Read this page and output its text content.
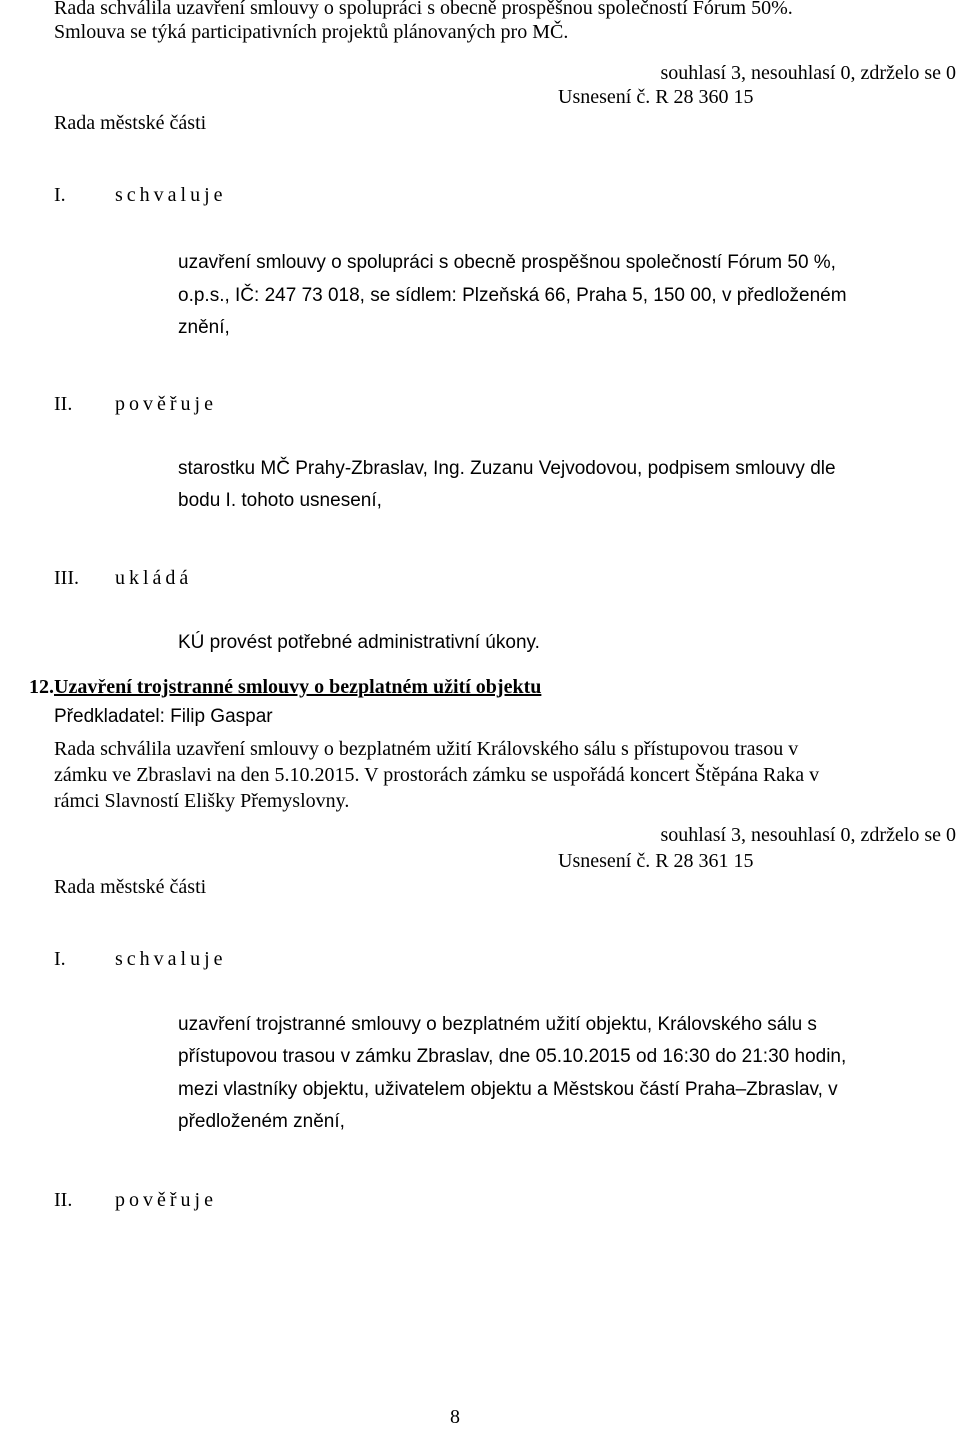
Rada schválila uzavření smlouvy o spolupráci s obecně prospěšnou společností Fórum 50%.
Smlouva se týká participativních projektů plánovaných pro MČ.
souhlasí 3, nesouhlasí 0, zdrželo se 0
Usnesení č. R 28 360 15
Rada městské části
I. schvaluje
uzavření smlouvy o spolupráci s obecně prospěšnou společností Fórum 50 %,
o.p.s., IČ: 247 73 018, se sídlem: Plzeňská 66, Praha 5, 150 00, v předloženém
znění,
II. pověřuje
starostku MČ Prahy-Zbraslav, Ing. Zuzanu Vejvodovou, podpisem smlouvy dle
bodu I. tohoto usnesení,
III. ukládá
KÚ provést potřebné administrativní úkony.
12. Uzavření trojstranné smlouvy o bezplatném užití objektu
Předkladatel: Filip Gaspar
Rada schválila uzavření smlouvy o bezplatném užití Královského sálu s přístupovou trasou v
zámku ve Zbraslavi na den 5.10.2015. V prostorách zámku se uspořádá koncert Štěpána Raka v
rámci Slavností Elišky Přemyslovny.
souhlasí 3, nesouhlasí 0, zdrželo se 0
Usnesení č. R 28 361 15
Rada městské části
I. schvaluje
uzavření trojstranné smlouvy o bezplatném užití objektu, Královského sálu s
přístupovou trasou v zámku Zbraslav, dne 05.10.2015 od 16:30 do 21:30 hodin,
mezi vlastníky objektu, uživatelem objektu a Městskou částí Praha–Zbraslav, v
předloženém znění,
II. pověřuje
8
